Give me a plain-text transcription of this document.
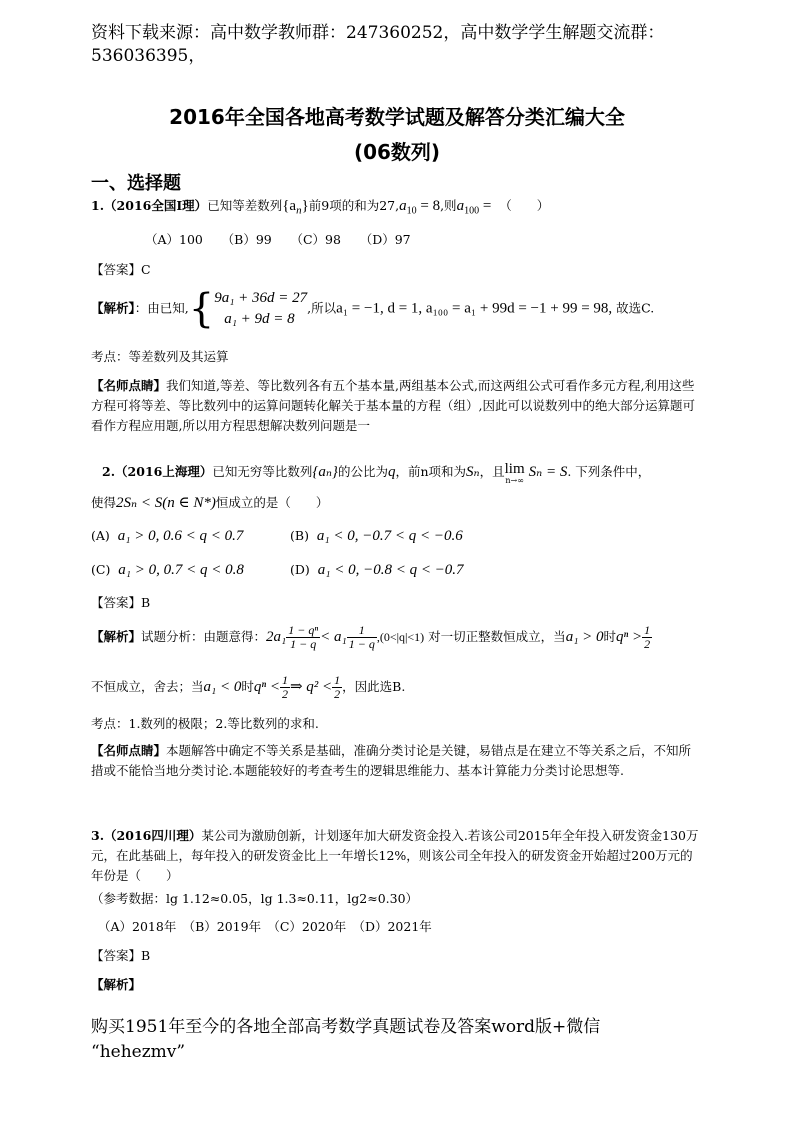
资料下载来源：高中数学教师群：247360252，高中数学学生解题交流群：
536036395，
2016年全国各地高考数学试题及解答分类汇编大全
(06数列)
一、选择题
1.（2016全国Ⅰ理）已知等差数列$\{a_n\}$前9项的和为$27,a_{10} = 8$,则$a_{100}$ = （　　）
（A）100　　（B）99　　（C）98　　（D）97
【答案】C
【解析】：由已知,{ 9a₁ + 36d = 27
a₁ + 9d = 8
,所以a₁ = −1, d = 1, a₁₀₀ = a₁ + 99d = −1 + 99 = 98, 故选C.
考点：等差数列及其运算
【名师点睛】我们知道,等差、等比数列各有五个基本量,两组基本公式,而这两组公式可看作多元方程,利用这些方程可将等差、等比数列中的运算问题转化解关于基本量的方程（组）,因此可以说数列中的绝大部分运算题可看作方程应用题,所以用方程思想解决数列问题是一
2.（2016上海理）已知无穷等比数列{aₙ}的公比为q，前n项和为Sₙ，且 lim
n→∞
Sₙ = S. 下列条件中，
使得2Sₙ < S(n ∈ N*)恒成立的是（　　）
(A) a₁ > 0, 0.6 < q < 0.7	(B) a₁ < 0, −0.7 < q < −0.6
(C) a₁ > 0, 0.7 < q < 0.8	(D) a₁ < 0, −0.8 < q < −0.7
【答案】B
【解析】试题分析：由题意得：$2a_1 \frac{\text{1 − qⁿ}}{1 - q} < a_1 \frac{1}{1 - q} ,(0<|q|<1)$ 对一切正整数恒成立，当a₁ > 0时$q^n > \frac{1}{2}$
不恒成立，舍去；当a₁ < 0时$q^n < \frac{1}{2}$ ⇒ $q^2 < \frac{1}{2}$ ，因此选B.
考点：1.数列的极限；2.等比数列的求和.
【名师点睛】本题解答中确定不等关系是基础，准确分类讨论是关键，易错点是在建立不等关系之后，不知所措或不能恰当地分类讨论.本题能较好的考查考生的逻辑思维能力、基本计算能力分类讨论思想等.
3.（2016四川理）某公司为激励创新，计划逐年加大研发资金投入.若该公司2015年全年投入研发资金130万元，在此基础上，每年投入的研发资金比上一年增长12%，则该公司全年投入的研发资金开始超过200万元的年份是（　　）
（参考数据：lg 1.12≈0.05，lg 1.3≈0.11，lg2≈0.30）
（A）2018年　（B）2019年　（C）2020年　（D）2021年
【答案】B
【解析】
购买1951年至今的各地全部高考数学真题试卷及答案word版+微信
“hehezmv”
